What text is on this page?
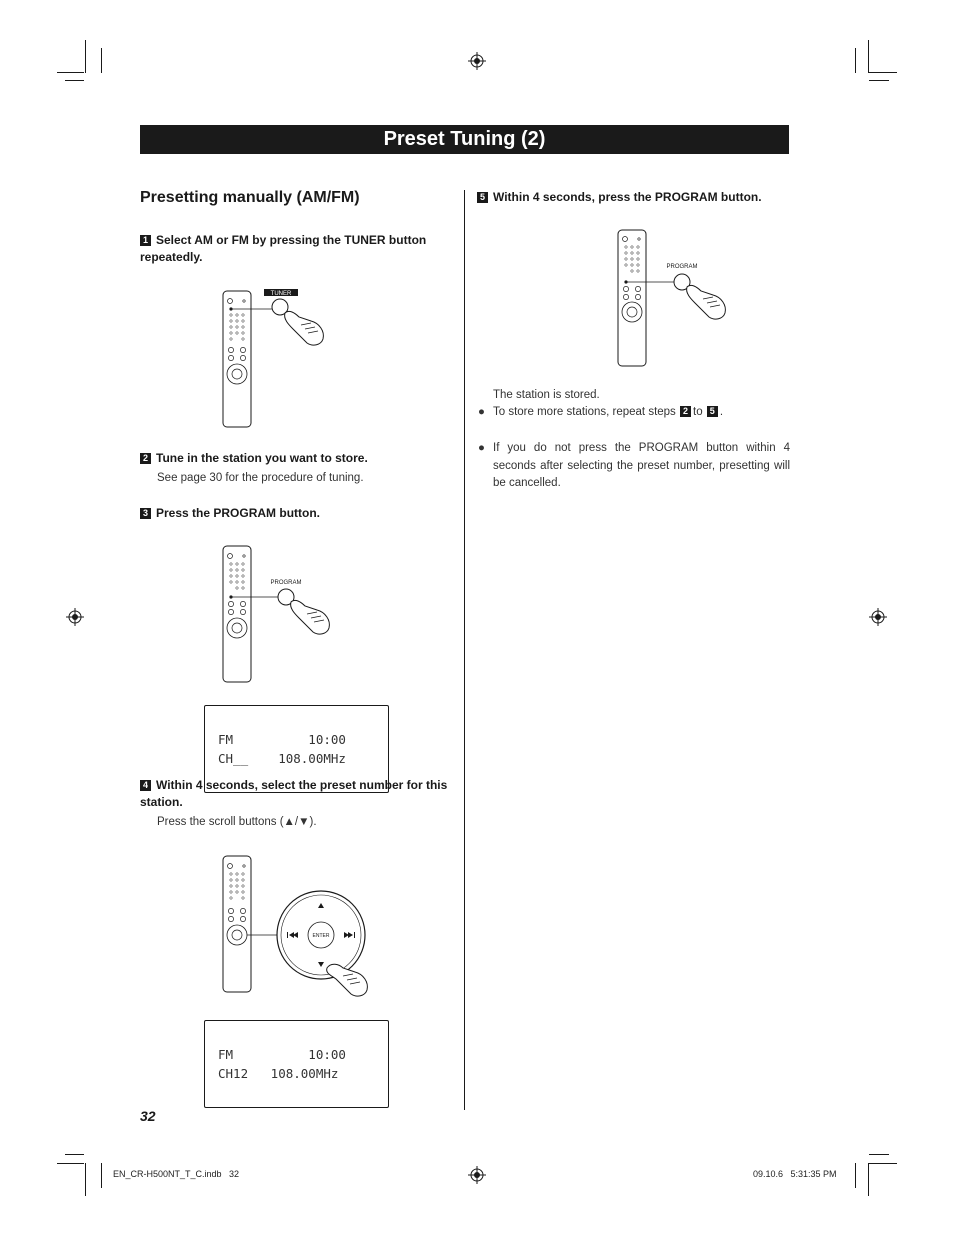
Preset Tuning (2)
Presetting manually (AM/FM)
1 Select AM or FM by pressing the TUNER button repeatedly.
TUNER
2 Tune in the station you want to store.
See page 30 for the procedure of tuning.
3 Press the PROGRAM button.
PROGRAM

FM          10:00
CH__    108.00MHz

4 Within 4 seconds, select the preset number for this station.
Press the scroll buttons (▲/▼).
ENTER

FM          10:00
CH12   108.00MHz

5 Within 4 seconds, press the PROGRAM button.
PROGRAM
The station is stored.
● To store more stations, repeat steps 2 to 5 .
● If you do not press the PROGRAM button within 4 seconds after selecting the preset number, presetting will be cancelled.
32
EN_CR-H500NT_T_C.indb   32	09.10.6   5:31:35 PM
